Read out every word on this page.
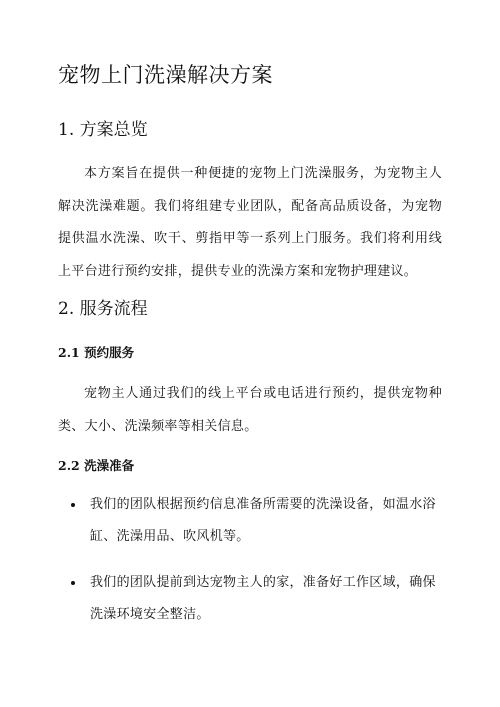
宠物上门洗澡解决方案
1. 方案总览

本方案旨在提供一种便捷的宠物上门洗澡服务，为宠物主人解决洗澡难题。我们将组建专业团队，配备高品质设备，为宠物提供温水洗澡、吹干、剪指甲等一系列上门服务。我们将利用线上平台进行预约安排，提供专业的洗澡方案和宠物护理建议。

2. 服务流程
2.1 预约服务

宠物主人通过我们的线上平台或电话进行预约，提供宠物种类、大小、洗澡频率等相关信息。

2.2 洗澡准备
我们的团队根据预约信息准备所需要的洗澡设备，如温水浴缸、洗澡用品、吹风机等。
我们的团队提前到达宠物主人的家，准备好工作区域，确保洗澡环境安全整洁。
